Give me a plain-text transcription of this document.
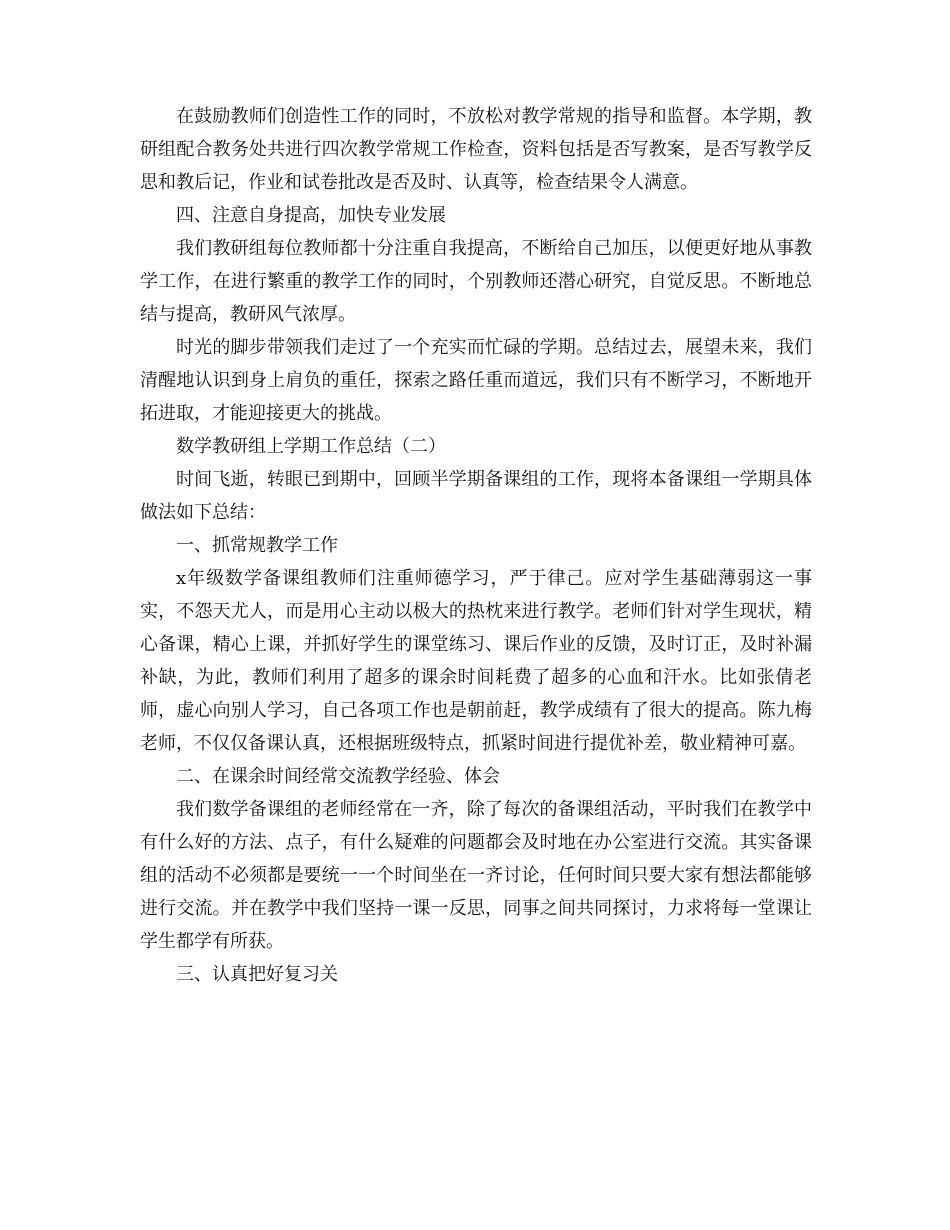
在鼓励教师们创造性工作的同时，不放松对教学常规的指导和监督。本学期，教研组配合教务处共进行四次教学常规工作检查，资料包括是否写教案，是否写教学反思和教后记，作业和试卷批改是否及时、认真等，检查结果令人满意。

四、注意自身提高，加快专业发展

我们教研组每位教师都十分注重自我提高，不断给自己加压，以便更好地从事教学工作，在进行繁重的教学工作的同时，个别教师还潜心研究，自觉反思。不断地总结与提高，教研风气浓厚。

时光的脚步带领我们走过了一个充实而忙碌的学期。总结过去，展望未来，我们清醒地认识到身上肩负的重任，探索之路任重而道远，我们只有不断学习，不断地开拓进取，才能迎接更大的挑战。

数学教研组上学期工作总结（二）

时间飞逝，转眼已到期中，回顾半学期备课组的工作，现将本备课组一学期具体做法如下总结：

一、抓常规教学工作

x年级数学备课组教师们注重师德学习，严于律己。应对学生基础薄弱这一事实，不怨天尤人，而是用心主动以极大的热枕来进行教学。老师们针对学生现状，精心备课，精心上课，并抓好学生的课堂练习、课后作业的反馈，及时订正，及时补漏补缺，为此，教师们利用了超多的课余时间耗费了超多的心血和汗水。比如张倩老师，虚心向别人学习，自己各项工作也是朝前赶，教学成绩有了很大的提高。陈九梅老师，不仅仅备课认真，还根据班级特点，抓紧时间进行提优补差，敬业精神可嘉。

二、在课余时间经常交流教学经验、体会

我们数学备课组的老师经常在一齐，除了每次的备课组活动，平时我们在教学中有什么好的方法、点子，有什么疑难的问题都会及时地在办公室进行交流。其实备课组的活动不必须都是要统一一个时间坐在一齐讨论，任何时间只要大家有想法都能够进行交流。并在教学中我们坚持一课一反思，同事之间共同探讨，力求将每一堂课让学生都学有所获。

三、认真把好复习关
